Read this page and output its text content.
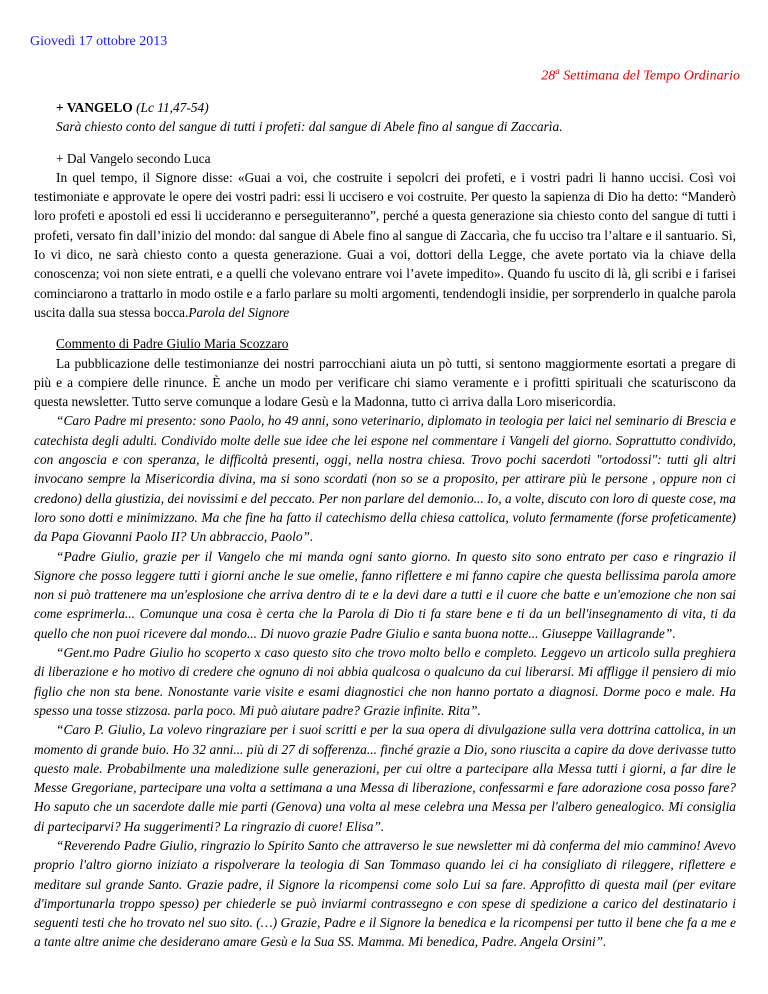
Giovedì 17 ottobre 2013
28$^a$ Settimana del Tempo Ordinario
+ VANGELO (Lc 11,47-54)

Sarà chiesto conto del sangue di tutti i profeti: dal sangue di Abele fino al sangue di Zaccarìa.

+ Dal Vangelo secondo Luca

In quel tempo, il Signore disse: «Guai a voi, che costruite i sepolcri dei profeti, e i vostri padri li hanno uccisi. Così voi testimoniate e approvate le opere dei vostri padri: essi li uccisero e voi costruite. Per questo la sapienza di Dio ha detto: “Manderò loro profeti e apostoli ed essi li uccideranno e perseguiteranno”, perché a questa generazione sia chiesto conto del sangue di tutti i profeti, versato fin dall’inizio del mondo: dal sangue di Abele fino al sangue di Zaccarìa, che fu ucciso tra l’altare e il santuario. Sì, Io vi dico, ne sarà chiesto conto a questa generazione. Guai a voi, dottori della Legge, che avete portato via la chiave della conoscenza; voi non siete entrati, e a quelli che volevano entrare voi l’avete impedito». Quando fu uscito di là, gli scribi e i farisei cominciarono a trattarlo in modo ostile e a farlo parlare su molti argomenti, tendendogli insidie, per sorprenderlo in qualche parola uscita dalla sua stessa bocca.Parola del Signore

Commento di Padre Giulio Maria Scozzaro

La pubblicazione delle testimonianze dei nostri parrocchiani aiuta un pò tutti, si sentono maggiormente esortati a pregare di più e a compiere delle rinunce. È anche un modo per verificare chi siamo veramente e i profitti spirituali che scaturiscono da questa newsletter. Tutto serve comunque a lodare Gesù e la Madonna, tutto ci arriva dalla Loro misericordia.

“Caro Padre mi presento: sono Paolo, ho 49 anni, sono veterinario, diplomato in teologia per laici nel seminario di Brescia e catechista degli adulti. Condivido molte delle sue idee che lei espone nel commentare i Vangeli del giorno. Soprattutto condivido, con angoscia e con speranza, le difficoltà presenti, oggi, nella nostra chiesa. Trovo pochi sacerdoti "ortodossi": tutti gli altri invocano sempre la Misericordia divina, ma si sono scordati (non so se a proposito, per attirare più le persone , oppure non ci credono) della giustizia, dei novissimi e del peccato. Per non parlare del demonio... Io, a volte, discuto con loro di queste cose, ma loro sono dotti e minimizzano. Ma che fine ha fatto il catechismo della chiesa cattolica, voluto fermamente (forse profeticamente) da Papa Giovanni Paolo II? Un abbraccio, Paolo”.

“Padre Giulio, grazie per il Vangelo che mi manda ogni santo giorno. In questo sito sono entrato per caso e ringrazio il Signore che posso leggere tutti i giorni anche le sue omelie, fanno riflettere e mi fanno capire che questa bellissima parola amore non si può trattenere ma un'esplosione che arriva dentro di te e la devi dare a tutti e il cuore che batte e un'emozione che non sai come esprimerla... Comunque una cosa è certa che la Parola di Dio ti fa stare bene e ti da un bell'insegnamento di vita, ti da quello che non puoi ricevere dal mondo... Di nuovo grazie Padre Giulio e santa buona notte... Giuseppe Vaillagrande”.

“Gent.mo Padre Giulio ho scoperto x caso questo sito che trovo molto bello e completo. Leggevo un articolo sulla preghiera di liberazione e ho motivo di credere che ognuno di noi abbia qualcosa o qualcuno da cui liberarsi. Mi affligge il pensiero di mio figlio che non sta bene. Nonostante varie visite e esami diagnostici che non hanno portato a diagnosi. Dorme poco e male. Ha spesso una tosse stizzosa. parla poco. Mi può aiutare padre? Grazie infinite. Rita”.

“Caro P. Giulio, La volevo ringraziare per i suoi scritti e per la sua opera di divulgazione sulla vera dottrina cattolica, in un momento di grande buio. Ho 32 anni... più di 27 di sofferenza... finché grazie a Dio, sono riuscita a capire da dove derivasse tutto questo male. Probabilmente una maledizione sulle generazioni, per cui oltre a partecipare alla Messa tutti i giorni, a far dire le Messe Gregoriane, partecipare una volta a settimana a una Messa di liberazione, confessarmi e fare adorazione cosa posso fare? Ho saputo che un sacerdote dalle mie parti (Genova) una volta al mese celebra una Messa per l'albero genealogico. Mi consiglia di parteciparvi? Ha suggerimenti? La ringrazio di cuore! Elisa”.

“Reverendo Padre Giulio, ringrazio lo Spirito Santo che attraverso le sue newsletter mi dà conferma del mio cammino! Avevo proprio l'altro giorno iniziato a rispolverare la teologia di San Tommaso quando lei ci ha consigliato di rileggere, riflettere e meditare sul grande Santo. Grazie padre, il Signore la ricompensi come solo Lui sa fare. Approfitto di questa mail (per evitare d'importunarla troppo spesso) per chiederle se può inviarmi contrassegno e con spese di spedizione a carico del destinatario i seguenti testi che ho trovato nel suo sito. (…) Grazie, Padre e il Signore la benedica e la ricompensi per tutto il bene che fa a me e a tante altre anime che desiderano amare Gesù e la Sua SS. Mamma. Mi benedica, Padre. Angela Orsini”.
